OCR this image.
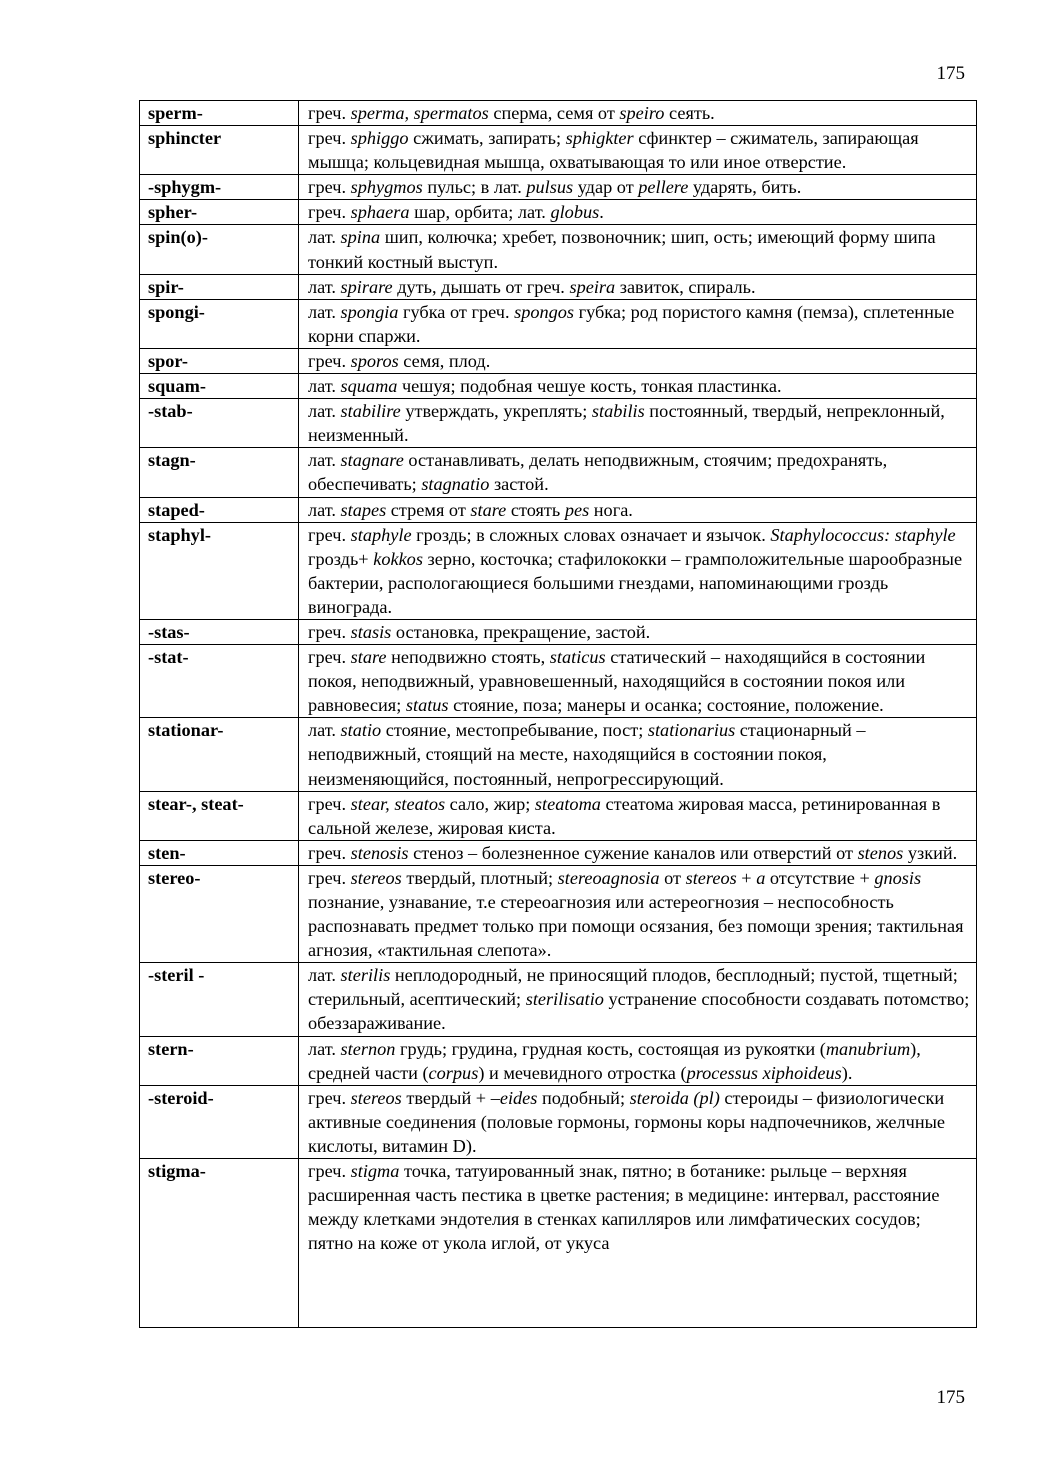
175
sperm-	греч. sperma, spermatos сперма, семя от speiro сеять.
sphincter	греч. sphiggo сжимать, запирать; sphigkter сфинктер – сжиматель, запирающая мышца; кольцевидная мышца, охватывающая то или иное отверстие.
-sphygm-	греч. sphygmos пульс; в лат. pulsus удар от pellere ударять, бить.
spher-	греч. sphaera шар, орбита; лат. globus.
spin(o)-	лат. spina шип, колючка; хребет, позвоночник; шип, ость; имеющий форму шипа тонкий костный выступ.
spir-	лат. spirare дуть, дышать от греч. speira завиток, спираль.
spongi-	лат. spongia губка от греч. spongos губка; род пористого камня (пемза), сплетенные корни спаржи.
spor-	греч. sporos семя, плод.
squam-	лат. squama чешуя; подобная чешуе кость, тонкая пластинка.
-stab-	лат. stabilire утверждать, укреплять; stabilis постоянный, твердый, непреклонный, неизменный.
stagn-	лат. stagnare останавливать, делать неподвижным, стоячим; предохранять, обеспечивать; stagnatio застой.
staped-	лат. stapes стремя от stare стоять pes нога.
staphyl-	греч. staphyle гроздь; в сложных словах означает и язычок. Staphylococcus: staphyle гроздь+ kokkos зерно, косточка; стафилококки – грамположительные шарообразные бактерии, распологающиеся большими гнездами, напоминающими гроздь винограда.
-stas-	греч. stasis остановка, прекращение, застой.
-stat-	греч. stare неподвижно стоять, staticus статический – находящийся в состоянии покоя, неподвижный, уравновешенный, находящийся в состоянии покоя или равновесия; status стояние, поза; манеры и осанка; состояние, положение.
stationar-	лат. statio стояние, местопребывание, пост; stationarius стационарный – неподвижный, стоящий на месте, находящийся в состоянии покоя, неизменяющийся, постоянный, непрогрессирующий.
stear-, steat-	греч. stear, steatos сало, жир; steatoma стеатома жировая масса, ретинированная в сальной железе, жировая киста.
sten-	греч. stenosis стеноз – болезненное сужение каналов или отверстий от stenos узкий.
stereo-	греч. stereos твердый, плотный; stereoagnosia от stereos + a отсутствие + gnosis познание, узнавание, т.е стереоагнозия или астереогнозия – неспособность распознавать предмет только при помощи осязания, без помощи зрения; тактильная агнозия, «тактильная слепота».
-steril -	лат. sterilis неплодородный, не приносящий плодов, бесплодный; пустой, тщетный; стерильный, асептический; sterilisatio устранение способности создавать потомство; обеззараживание.
stern-	лат. sternon грудь; грудина, грудная кость, состоящая из рукоятки (manubrium), средней части (corpus) и мечевидного отростка (processus xiphoideus).
-steroid-	греч. stereos твердый + –eides подобный; steroida (pl) стероиды – физиологически активные соединения (половые гормоны, гормоны коры надпочечников, желчные кислоты, витамин D).
stigma-	греч. stigma точка, татуированный знак, пятно; в ботанике: рыльце – верхняя расширенная часть пестика в цветке растения; в медицине: интервал, расстояние между клетками эндотелия в стенках капилляров или лимфатических сосудов; пятно на коже от укола иглой, от укуса
175
